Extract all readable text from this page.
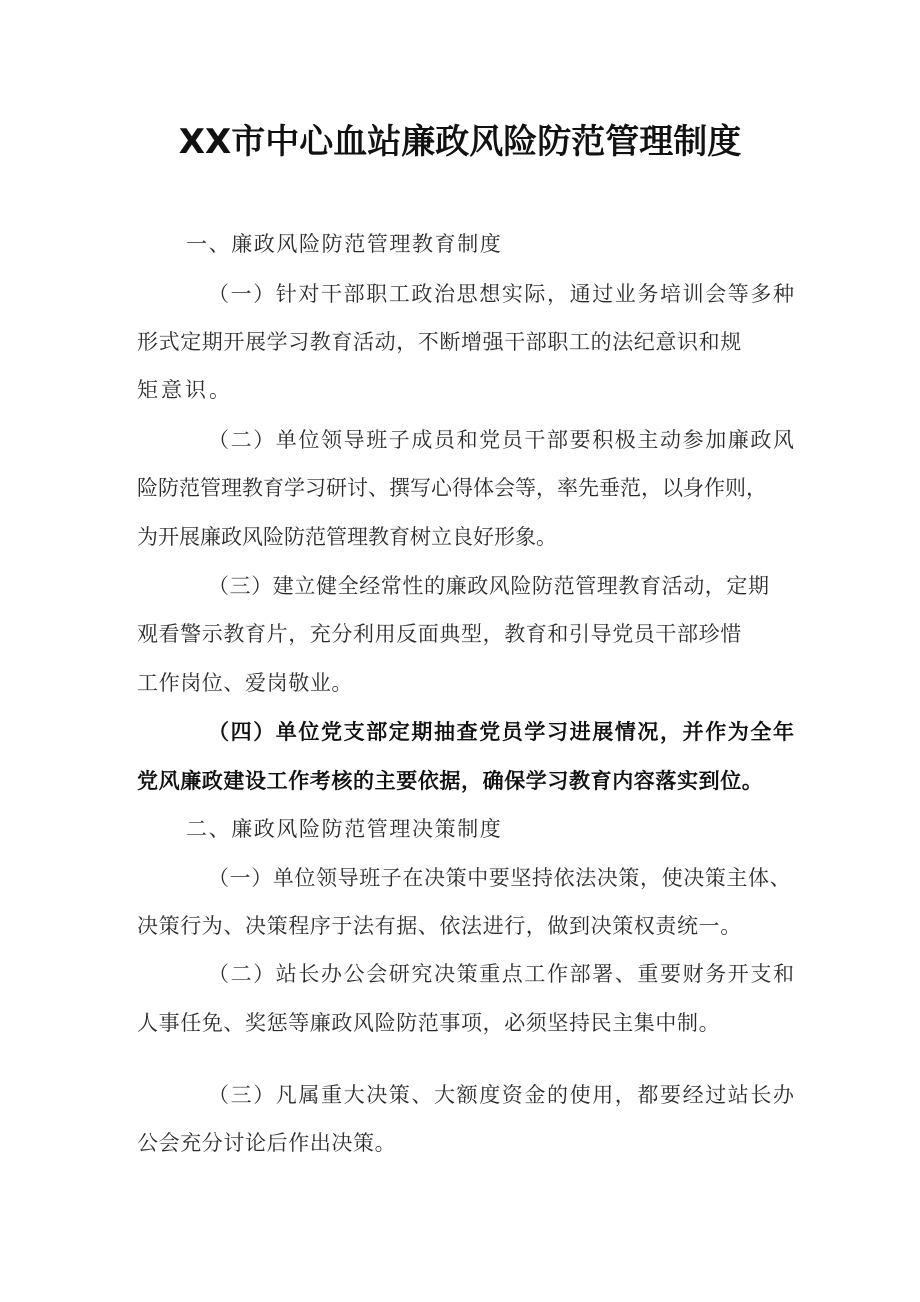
XX市中心血站廉政风险防范管理制度
一、廉政风险防范管理教育制度
（一）针对干部职工政治思想实际，通过业务培训会等多种
形式定期开展学习教育活动，不断增强干部职工的法纪意识和规
矩意识。
（二）单位领导班子成员和党员干部要积极主动参加廉政风
险防范管理教育学习研讨、撰写心得体会等，率先垂范，以身作则，
为开展廉政风险防范管理教育树立良好形象。
（三）建立健全经常性的廉政风险防范管理教育活动，定期
观看警示教育片，充分利用反面典型，教育和引导党员干部珍惜
工作岗位、爱岗敬业。
（四）单位党支部定期抽查党员学习进展情况，并作为全年
党风廉政建设工作考核的主要依据，确保学习教育内容落实到位。
二、廉政风险防范管理决策制度
（一）单位领导班子在决策中要坚持依法决策，使决策主体、
决策行为、决策程序于法有据、依法进行，做到决策权责统一。
（二）站长办公会研究决策重点工作部署、重要财务开支和
人事任免、奖惩等廉政风险防范事项，必须坚持民主集中制。
（三）凡属重大决策、大额度资金的使用，都要经过站长办
公会充分讨论后作出决策。
